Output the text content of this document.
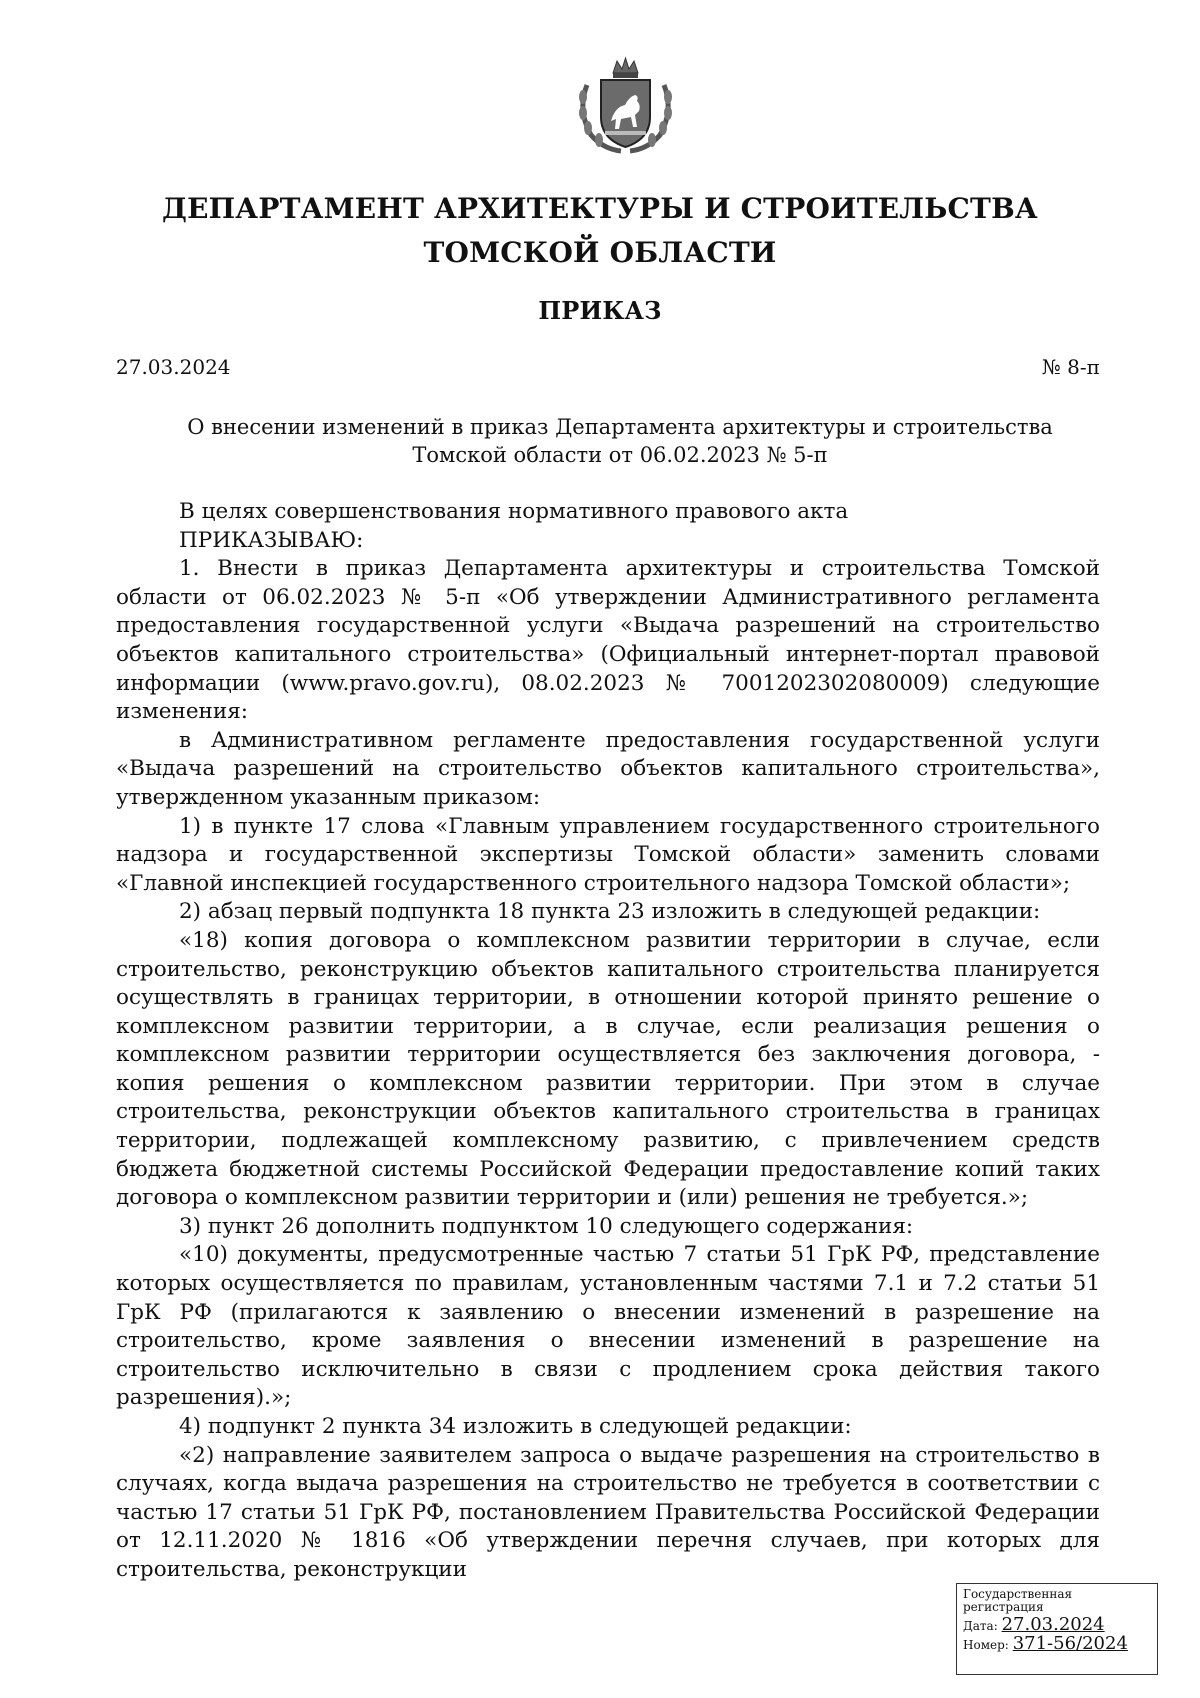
ДЕПАРТАМЕНТ АРХИТЕКТУРЫ И СТРОИТЕЛЬСТВА
ТОМСКОЙ ОБЛАСТИ
ПРИКАЗ
27.03.2024	№ 8-п
О внесении изменений в приказ Департамента архитектуры и строительства Томской области от 06.02.2023 № 5-п

В целях совершенствования нормативного правового акта

ПРИКАЗЫВАЮ:

1. Внести в приказ Департамента архитектуры и строительства Томской области от 06.02.2023 № 5-п «Об утверждении Административного регламента предоставления государственной услуги «Выдача разрешений на строительство объектов капитального строительства» (Официальный интернет-портал правовой информации (www.pravo.gov.ru), 08.02.2023 № 7001202302080009) следующие изменения:

в Административном регламенте предоставления государственной услуги «Выдача разрешений на строительство объектов капитального строительства», утвержденном указанным приказом:

1) в пункте 17 слова «Главным управлением государственного строительного надзора и государственной экспертизы Томской области» заменить словами «Главной инспекцией государственного строительного надзора Томской области»;

2) абзац первый подпункта 18 пункта 23 изложить в следующей редакции:

«18) копия договора о комплексном развитии территории в случае, если строительство, реконструкцию объектов капитального строительства планируется осуществлять в границах территории, в отношении которой принято решение о комплексном развитии территории, а в случае, если реализация решения о комплексном развитии территории осуществляется без заключения договора, - копия решения о комплексном развитии территории. При этом в случае строительства, реконструкции объектов капитального строительства в границах территории, подлежащей комплексному развитию, с привлечением средств бюджета бюджетной системы Российской Федерации предоставление копий таких договора о комплексном развитии территории и (или) решения не требуется.»;

3) пункт 26 дополнить подпунктом 10 следующего содержания:

«10) документы, предусмотренные частью 7 статьи 51 ГрК РФ, представление которых осуществляется по правилам, установленным частями 7.1 и 7.2 статьи 51 ГрК РФ (прилагаются к заявлению о внесении изменений в разрешение на строительство, кроме заявления о внесении изменений в разрешение на строительство исключительно в связи с продлением срока действия такого разрешения).»;

4) подпункт 2 пункта 34 изложить в следующей редакции:

«2) направление заявителем запроса о выдаче разрешения на строительство в случаях, когда выдача разрешения на строительство не требуется в соответствии с частью 17 статьи 51 ГрК РФ, постановлением Правительства Российской Федерации от 12.11.2020 № 1816 «Об утверждении перечня случаев, при которых для строительства, реконструкции

Государственная регистрация
Дата: 27.03.2024
Номер: 371-56/2024
